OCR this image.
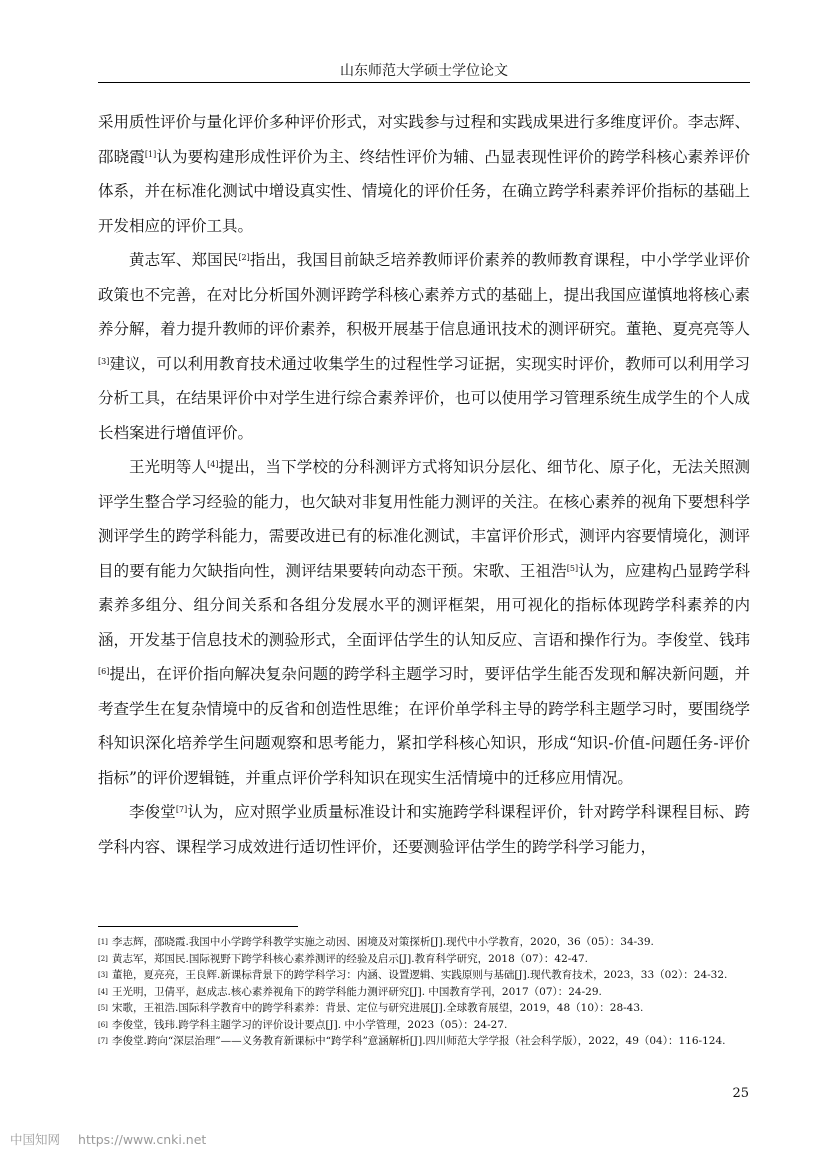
山东师范大学硕士学位论文

采用质性评价与量化评价多种评价形式，对实践参与过程和实践成果进行多维度评价。李志辉、邵晓霞[1]认为要构建形成性评价为主、终结性评价为辅、凸显表现性评价的跨学科核心素养评价体系，并在标准化测试中增设真实性、情境化的评价任务，在确立跨学科素养评价指标的基础上开发相应的评价工具。

黄志军、郑国民[2]指出，我国目前缺乏培养教师评价素养的教师教育课程，中小学学业评价政策也不完善，在对比分析国外测评跨学科核心素养方式的基础上，提出我国应谨慎地将核心素养分解，着力提升教师的评价素养，积极开展基于信息通讯技术的测评研究。董艳、夏亮亮等人[3]建议，可以利用教育技术通过收集学生的过程性学习证据，实现实时评价，教师可以利用学习分析工具，在结果评价中对学生进行综合素养评价，也可以使用学习管理系统生成学生的个人成长档案进行增值评价。

王光明等人[4]提出，当下学校的分科测评方式将知识分层化、细节化、原子化，无法关照测评学生整合学习经验的能力，也欠缺对非复用性能力测评的关注。在核心素养的视角下要想科学测评学生的跨学科能力，需要改进已有的标准化测试，丰富评价形式，测评内容要情境化，测评目的要有能力欠缺指向性，测评结果要转向动态干预。宋歌、王祖浩[5]认为，应建构凸显跨学科素养多组分、组分间关系和各组分发展水平的测评框架，用可视化的指标体现跨学科素养的内涵，开发基于信息技术的测验形式，全面评估学生的认知反应、言语和操作行为。李俊堂、钱玮[6]提出，在评价指向解决复杂问题的跨学科主题学习时，要评估学生能否发现和解决新问题，并考查学生在复杂情境中的反省和创造性思维；在评价单学科主导的跨学科主题学习时，要围绕学科知识深化培养学生问题观察和思考能力，紧扣学科核心知识，形成“知识-价值-问题任务-评价指标”的评价逻辑链，并重点评价学科知识在现实生活情境中的迁移应用情况。

李俊堂[7]认为，应对照学业质量标准设计和实施跨学科课程评价，针对跨学科课程目标、跨学科内容、课程学习成效进行适切性评价，还要测验评估学生的跨学科学习能力，

[1] 李志辉，邵晓霞.我国中小学跨学科教学实施之动因、困境及对策探析[J].现代中小学教育，2020，36（05）：34-39.
[2] 黄志军，郑国民.国际视野下跨学科核心素养测评的经验及启示[J].教育科学研究，2018（07）：42-47.
[3] 董艳，夏亮亮，王良辉.新课标背景下的跨学科学习：内涵、设置逻辑、实践原则与基础[J].现代教育技术，2023，33（02）：24-32.
[4] 王光明，卫倩平，赵成志.核心素养视角下的跨学科能力测评研究[J]. 中国教育学刊，2017（07）：24-29.
[5] 宋歌，王祖浩.国际科学教育中的跨学科素养：背景、定位与研究进展[J].全球教育展望，2019，48（10）：28-43.
[6] 李俊堂，钱玮.跨学科主题学习的评价设计要点[J]. 中小学管理，2023（05）：24-27.
[7] 李俊堂.跨向“深层治理”——义务教育新课标中“跨学科”意涵解析[J].四川师范大学学报（社会科学版），2022，49（04）：116-124.
25
中国知网 https://www.cnki.net
